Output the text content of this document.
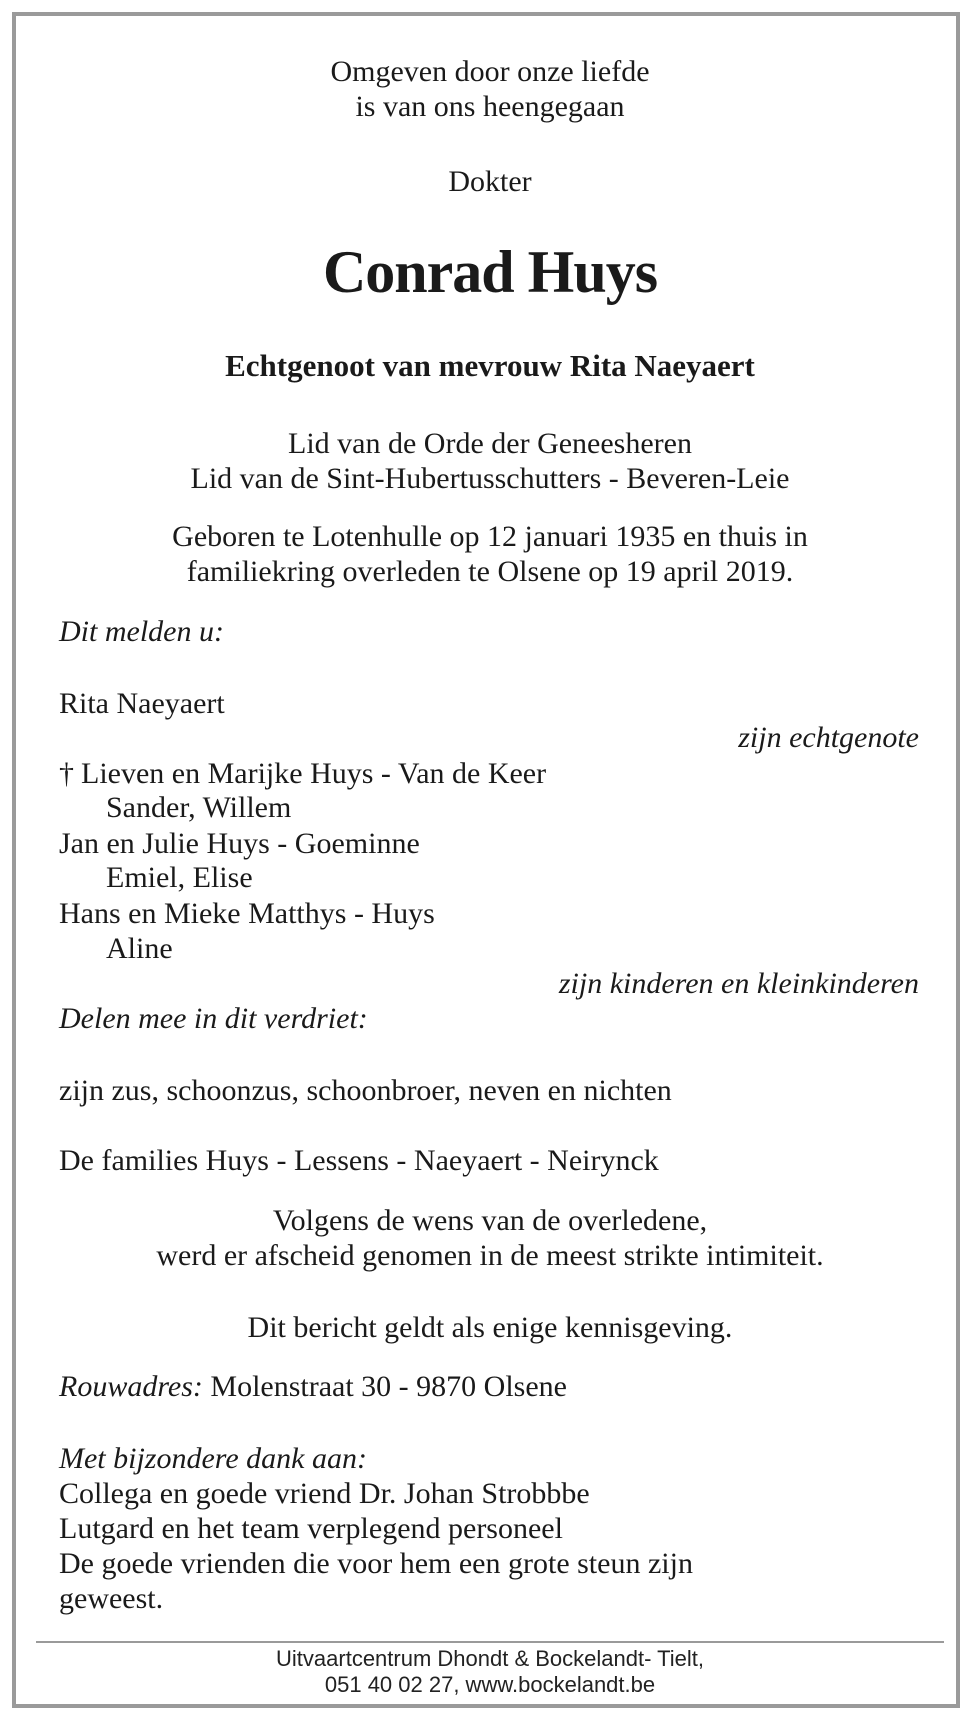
Omgeven door onze liefde
is van ons heengegaan
Dokter
Conrad Huys
Echtgenoot van mevrouw Rita Naeyaert
Lid van de Orde der Geneesheren
Lid van de Sint-Hubertusschutters - Beveren-Leie
Geboren te Lotenhulle op 12 januari 1935 en thuis in
familiekring overleden te Olsene op 19 april 2019.
Dit melden u:
Rita Naeyaert
zijn echtgenote
† Lieven en Marijke Huys - Van de Keer
Sander, Willem
Jan en Julie Huys - Goeminne
Emiel, Elise
Hans en Mieke Matthys - Huys
Aline
zijn kinderen en kleinkinderen
Delen mee in dit verdriet:
zijn zus, schoonzus, schoonbroer, neven en nichten
De families Huys - Lessens - Naeyaert - Neirynck
Volgens de wens van de overledene,
werd er afscheid genomen in de meest strikte intimiteit.
Dit bericht geldt als enige kennisgeving.
Rouwadres: Molenstraat 30 - 9870 Olsene
Met bijzondere dank aan:
Collega en goede vriend Dr. Johan Strobbbe
Lutgard en het team verplegend personeel
De goede vrienden die voor hem een grote steun zijn
geweest.
Uitvaartcentrum Dhondt & Bockelandt- Tielt,
051 40 02 27, www.bockelandt.be
